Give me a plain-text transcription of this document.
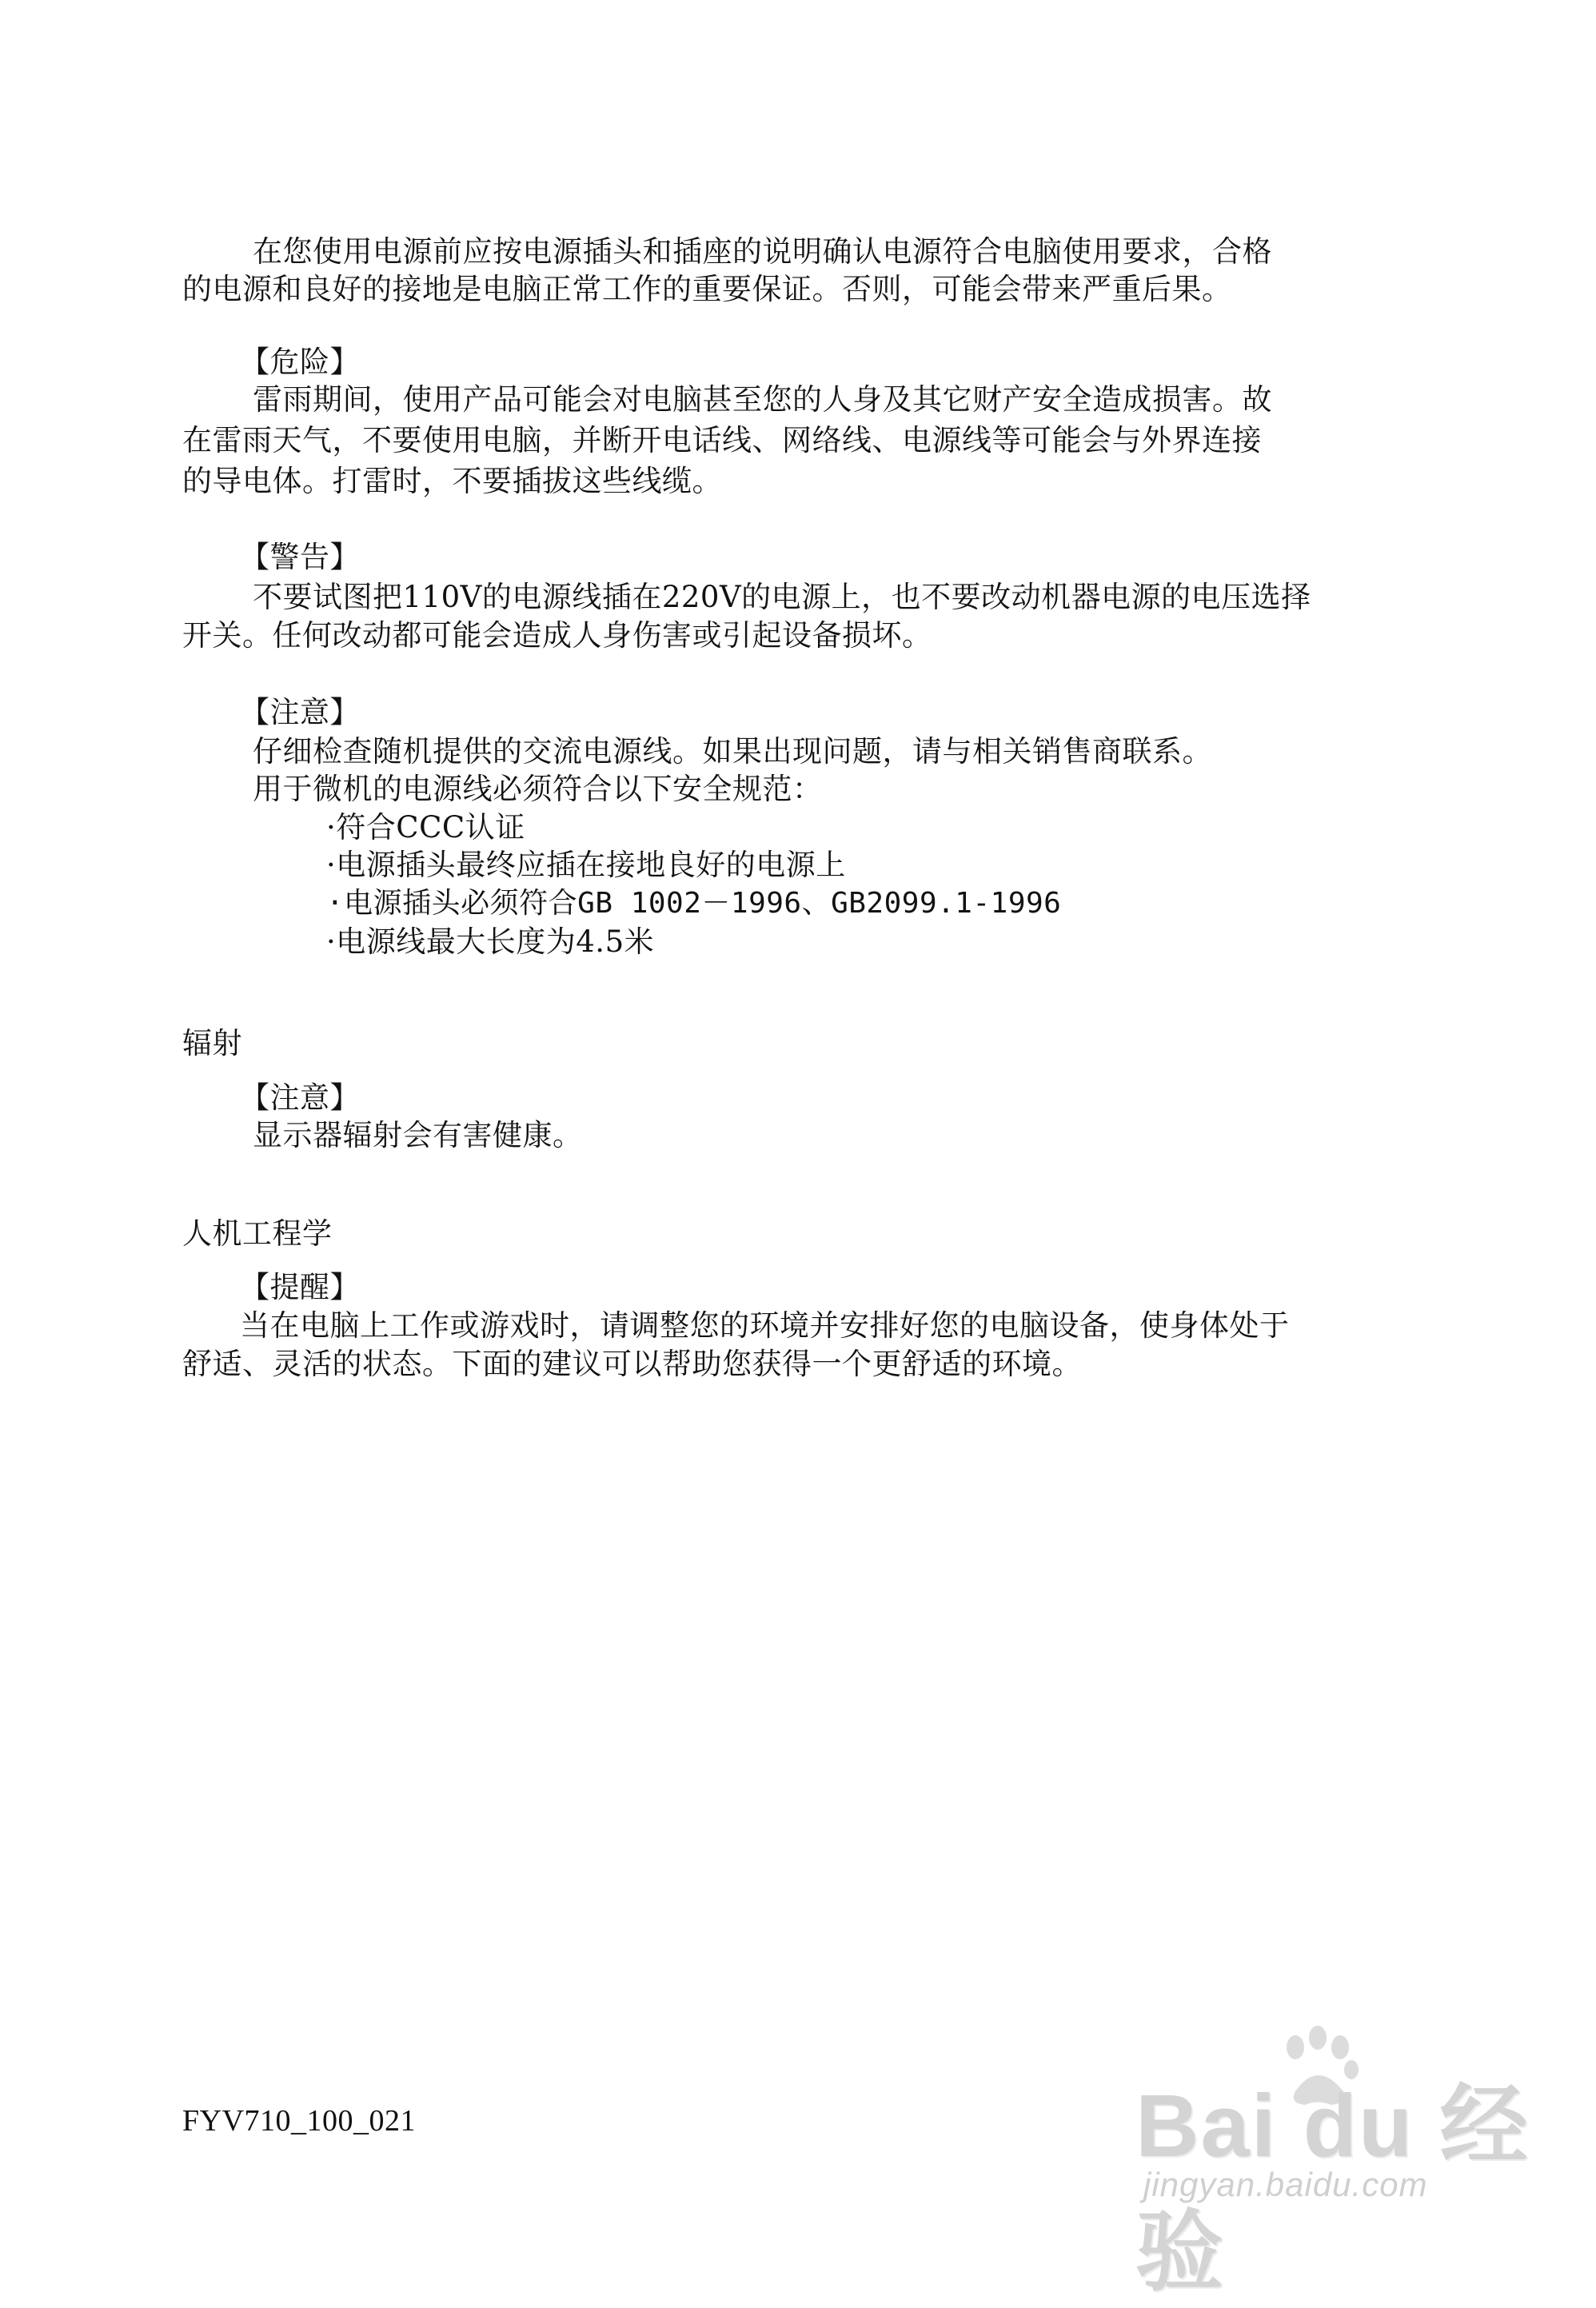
在您使用电源前应按电源插头和插座的说明确认电源符合电脑使用要求，合格
的电源和良好的接地是电脑正常工作的重要保证。否则，可能会带来严重后果。
【危险】
雷雨期间，使用产品可能会对电脑甚至您的人身及其它财产安全造成损害。故
在雷雨天气，不要使用电脑，并断开电话线、网络线、电源线等可能会与外界连接
的导电体。打雷时，不要插拔这些线缆。
【警告】
不要试图把110V的电源线插在220V的电源上，也不要改动机器电源的电压选择
开关。任何改动都可能会造成人身伤害或引起设备损坏。
【注意】
仔细检查随机提供的交流电源线。如果出现问题，请与相关销售商联系。
用于微机的电源线必须符合以下安全规范：
·符合CCC认证
·电源插头最终应插在接地良好的电源上
·电源插头必须符合GB 1002－1996、GB2099.1-1996
·电源线最大长度为4.5米
辐射
【注意】
显示器辐射会有害健康。
人机工程学
【提醒】
当在电脑上工作或游戏时，请调整您的环境并安排好您的电脑设备，使身体处于
舒适、灵活的状态。下面的建议可以帮助您获得一个更舒适的环境。
FYV710_100_021	Bai du 经验
jingyan.baidu.com
